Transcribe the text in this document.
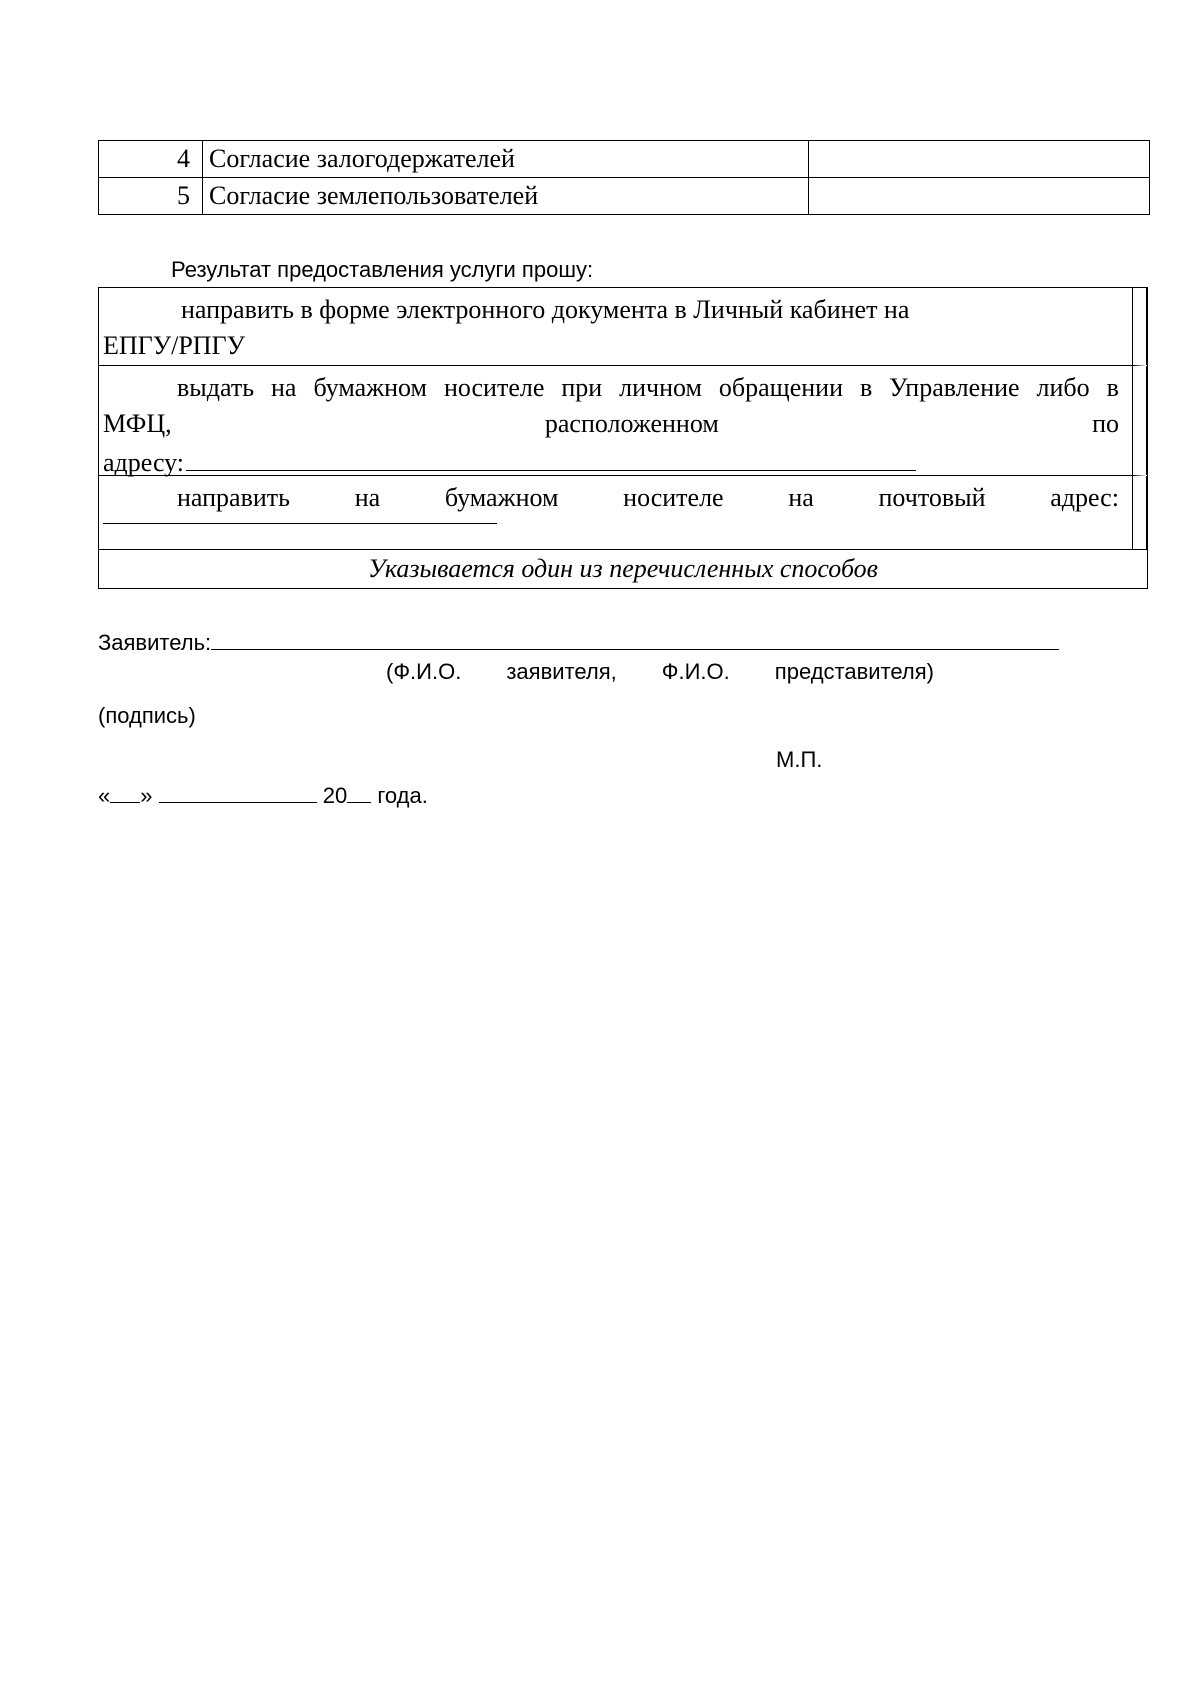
4	Согласие залогодержателей	
5	Согласие землепользователей	
Результат предоставления услуги прошу:
направить в форме электронного документа в Личный кабинет на
ЕПГУ/РПГУ
выдать на бумажном носителе при личном обращении в Управление либо в
МФЦ,	расположенном	по
адресу:
направить на бумажном носителе на почтовый адрес:
Указывается один из перечисленных способов
Заявитель:
(Ф.И.О. заявителя, Ф.И.О. представителя)
(подпись)
М.П.
« »	20 года.
